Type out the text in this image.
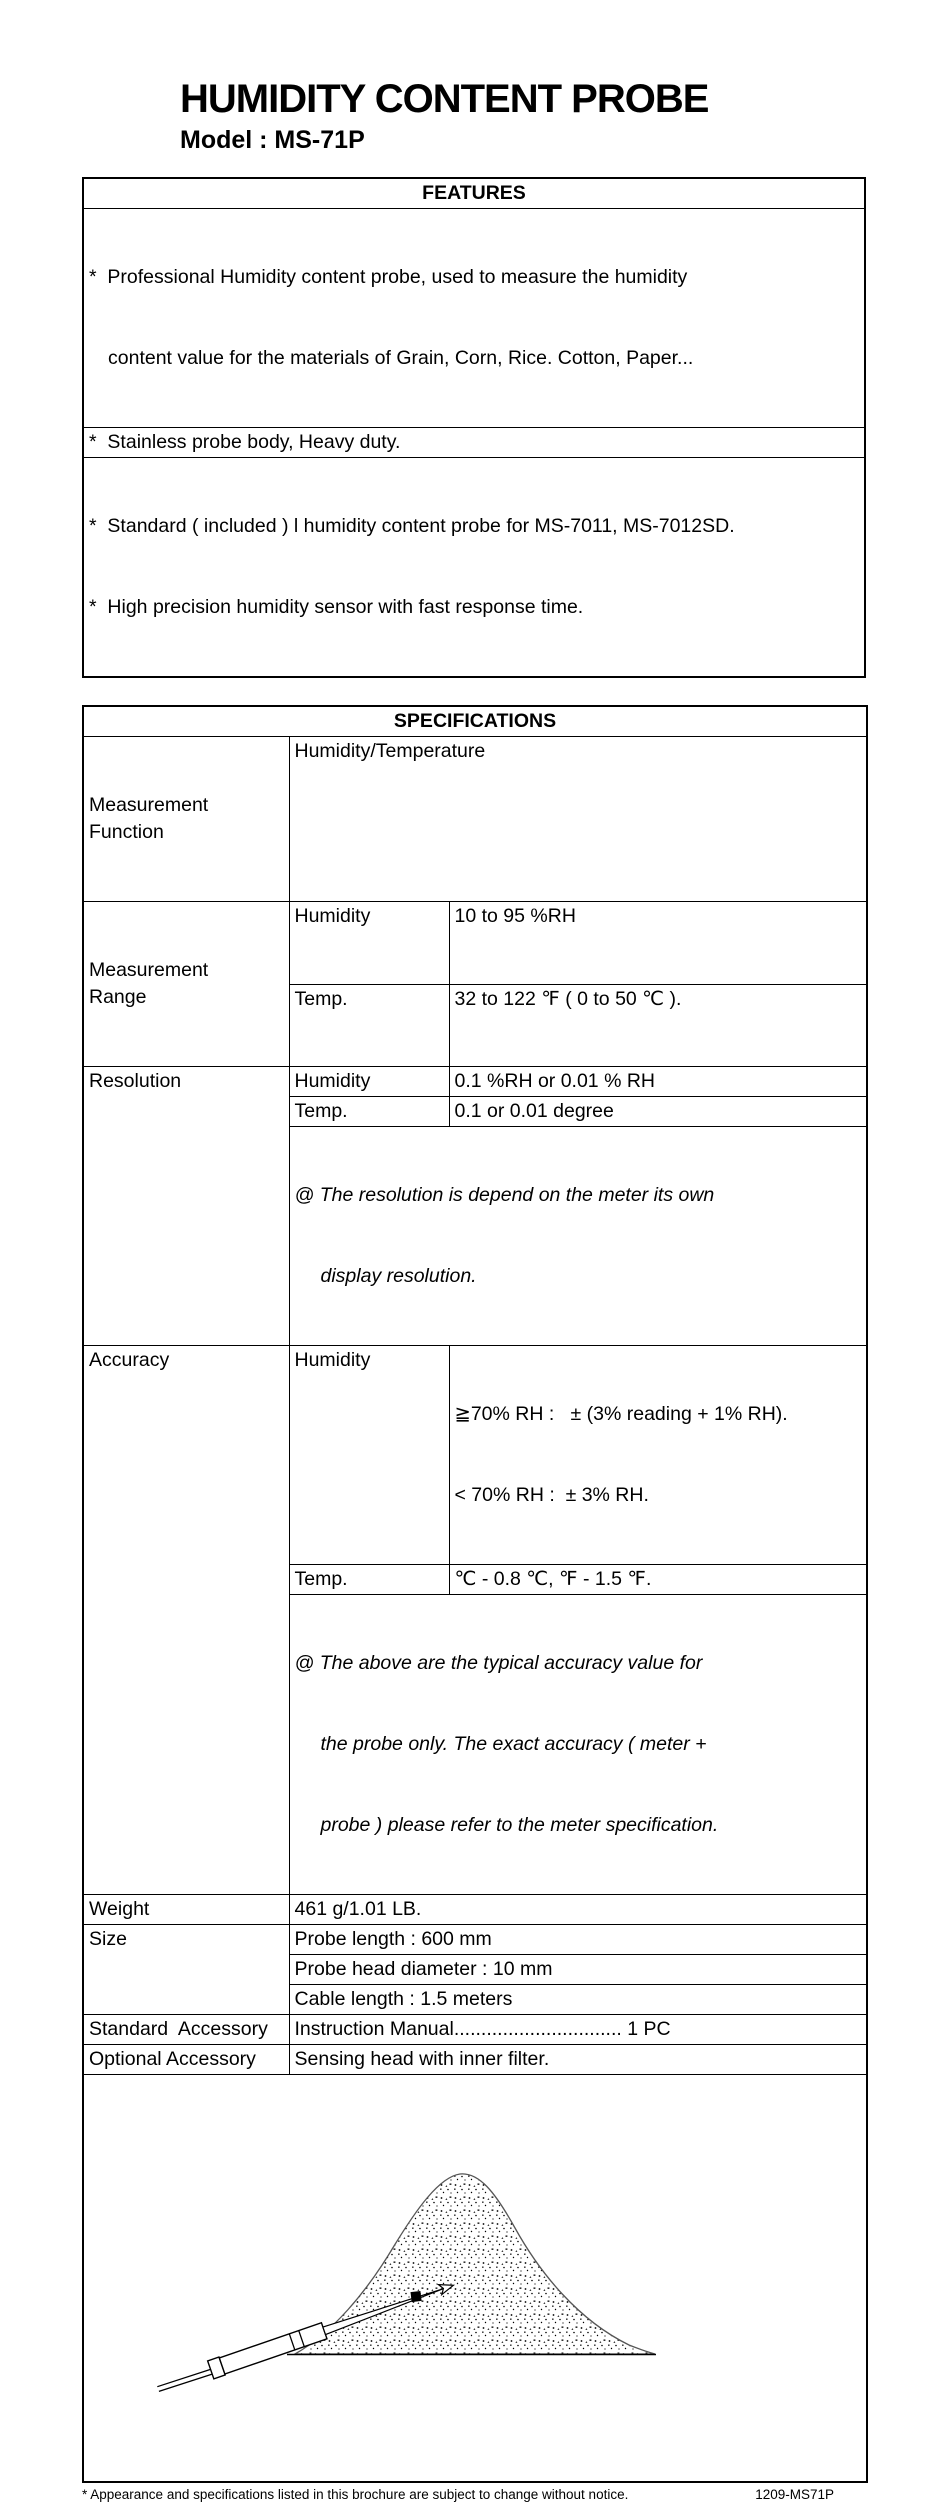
HUMIDITY CONTENT PROBE
Model : MS-71P
FEATURES

*  Professional Humidity content probe, used to measure the humidity

content value for the materials of Grain, Corn, Rice. Cotton, Paper...

*  Stainless probe body, Heavy duty.

*  Standard ( included ) l humidity content probe for MS-7011, MS-7012SD.

*  High precision humidity sensor with fast response time.

SPECIFICATIONS		

Measurement Function	Humidity/Temperature	

Measurement Range	Humidity	10 to 95 %RH
	Temp.	32 to 122 ℉ ( 0 to 50 ℃ ).
Resolution	Humidity	0.1 %RH or 0.01 % RH
	Temp.	0.1 or 0.01 degree

	@ The resolution is depend on the meter its own

display resolution.	

Accuracy	Humidity	≧70% RH :   ± (3% reading + 1% RH).

< 70% RH :  ± 3% RH.

	Temp.	℃ - 0.8 ℃, ℉ - 1.5 ℉.

	@ The above are the typical accuracy value for

the probe only. The exact accuracy ( meter +

probe ) please refer to the meter specification.	

Weight	461 g/1.01 LB.	
Size	Probe length : 600 mm	
	Probe head diameter : 10 mm	
	Cable length : 1.5 meters	
Standard  Accessory	Instruction Manual............................... 1 PC	
Optional Accessory	Sensing head with inner filter.	

* Appearance and specifications listed in this brochure are subject to change without notice.	1209-MS71P
